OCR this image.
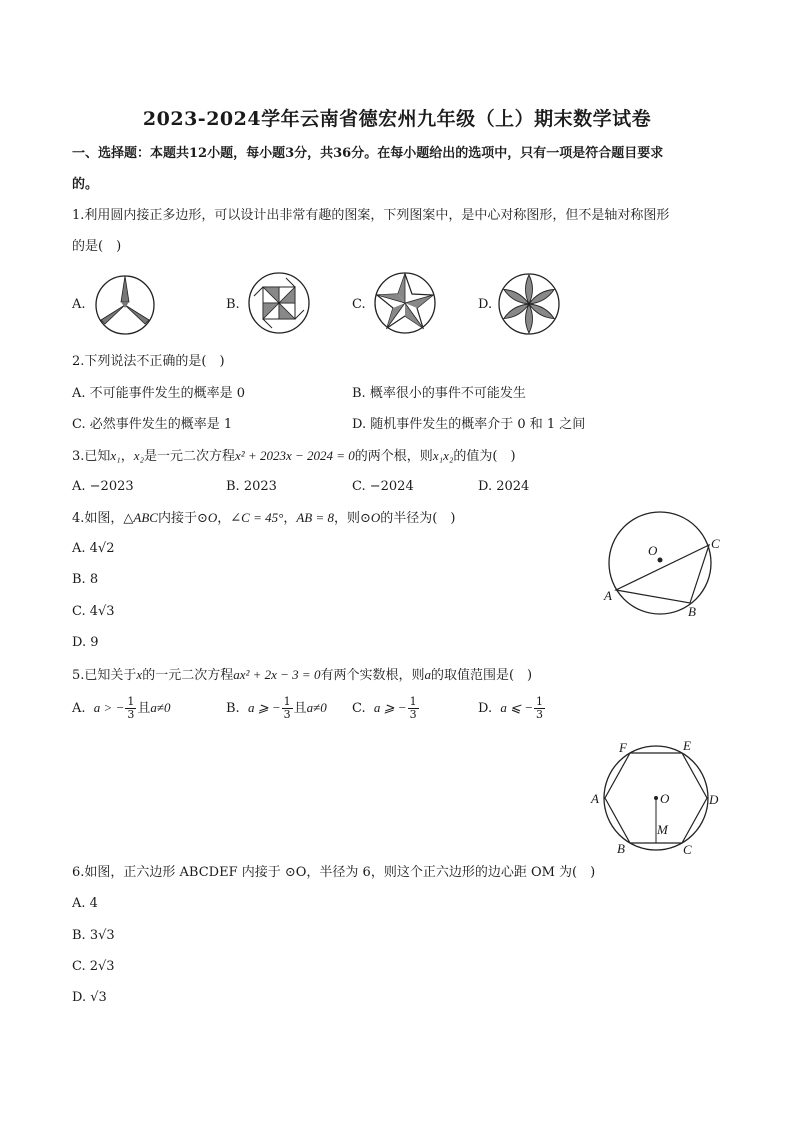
2023-2024学年云南省德宏州九年级（上）期末数学试卷
一、选择题：本题共12小题，每小题3分，共36分。在每小题给出的选项中，只有一项是符合题目要求
的。
1.利用圆内接正多边形，可以设计出非常有趣的图案，下列图案中，是中心对称图形，但不是轴对称图形
的是(　)
A.	B.	C.	D.
2.下列说法不正确的是(　)
A. 不可能事件发生的概率是 0	B. 概率很小的事件不可能发生
C. 必然事件发生的概率是 1	D. 随机事件发生的概率介于 0 和 1 之间
3.已知x₁，x₂是一元二次方程x² + 2023x − 2024 = 0的两个根，则x₁x₂的值为(　)
A. −2023	B. 2023	C. −2024	D. 2024
4.如图，△ABC内接于⊙O，∠C = 45°，AB = 8，则⊙O的半径为(　)
A. 4√2
B. 8
C. 4√3
D. 9
O	C
A
B
5.已知关于x的一元二次方程ax² + 2x − 3 = 0有两个实数根，则a的取值范围是(　)
A. a > − $\frac{1}{3}$ 且a≠0	B. a ⩾ − $\frac{1}{3}$ 且a≠0 C. a ⩾ − $\frac{1}{3}$	D. a ⩽ − $\frac{1}{3}$
F	E
A	O	D
M
B	C
6.如图，正六边形 ABCDEF 内接于 ⊙O，半径为 6，则这个正六边形的边心距 OM 为(　)
A. 4
B. 3√3
C. 2√3
D. √3
